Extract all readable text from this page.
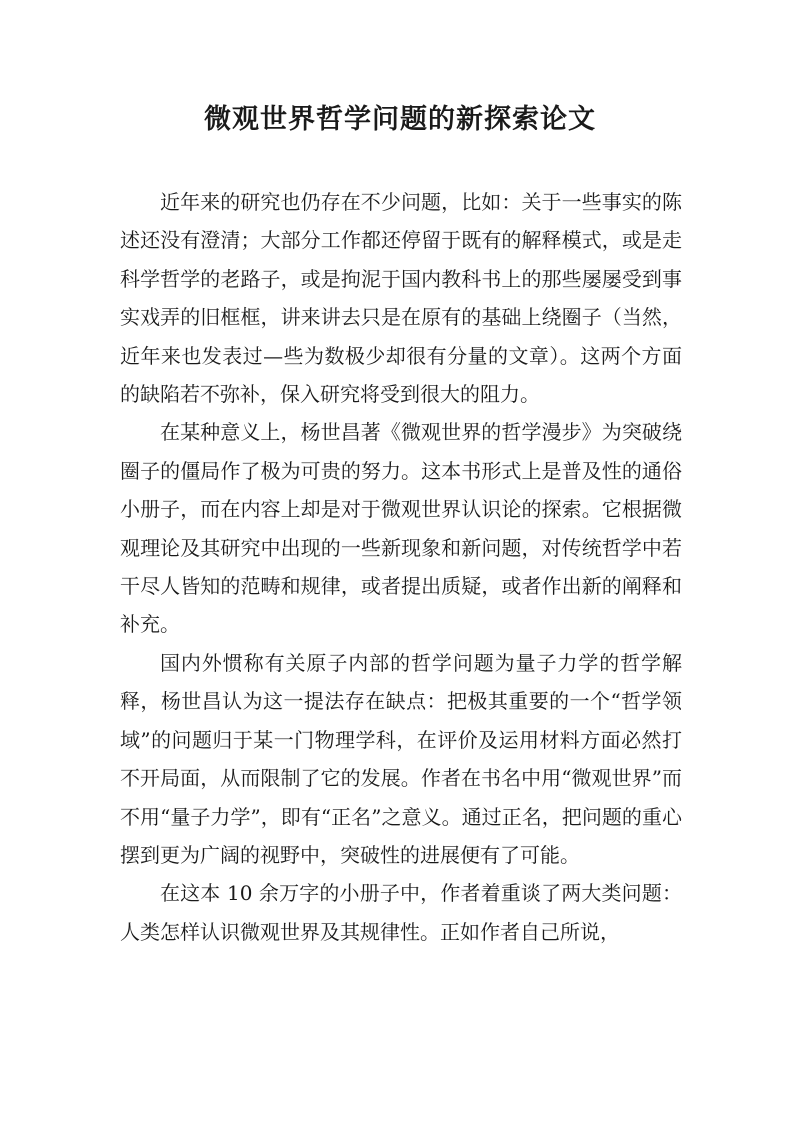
微观世界哲学问题的新探索论文

近年来的研究也仍存在不少问题，比如：关于一些事实的陈述还没有澄清；大部分工作都还停留于既有的解释模式，或是走科学哲学的老路子，或是拘泥于国内教科书上的那些屡屡受到事实戏弄的旧框框，讲来讲去只是在原有的基础上绕圈子（当然，近年来也发表过—些为数极少却很有分量的文章）。这两个方面的缺陷若不弥补，保入研究将受到很大的阻力。

在某种意义上，杨世昌著《微观世界的哲学漫步》为突破绕圈子的僵局作了极为可贵的努力。这本书形式上是普及性的通俗小册子，而在内容上却是对于微观世界认识论的探索。它根据微观理论及其研究中出现的一些新现象和新问题，对传统哲学中若干尽人皆知的范畴和规律，或者提出质疑，或者作出新的阐释和补充。

国内外惯称有关原子内部的哲学问题为量子力学的哲学解释，杨世昌认为这一提法存在缺点：把极其重要的一个“哲学领域”的问题归于某一门物理学科，在评价及运用材料方面必然打不开局面，从而限制了它的发展。作者在书名中用“微观世界”而不用“量子力学”，即有“正名”之意义。通过正名，把问题的重心摆到更为广阔的视野中，突破性的进展便有了可能。

在这本 10 余万字的小册子中，作者着重谈了两大类问题：人类怎样认识微观世界及其规律性。正如作者自己所说，
